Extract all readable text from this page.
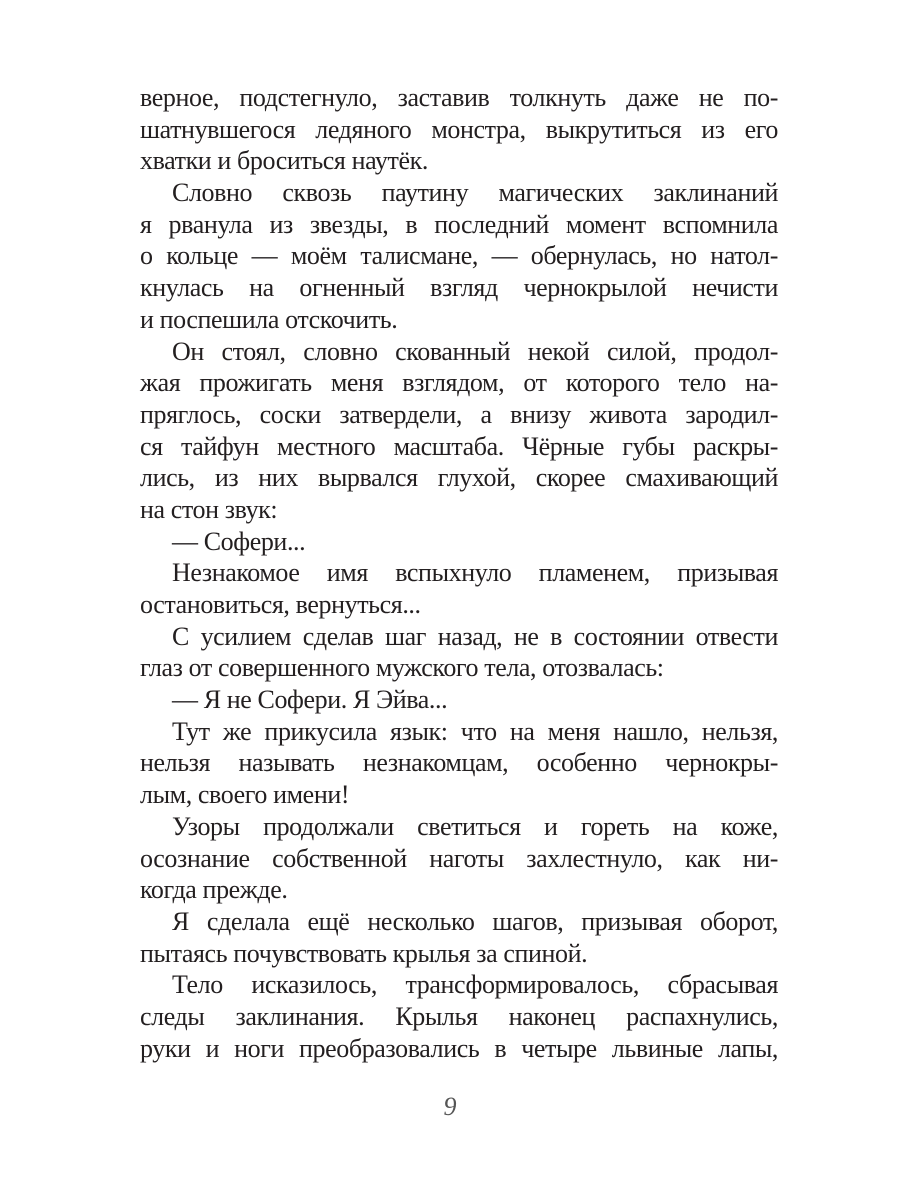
верное, подстегнуло, заставив толкнуть даже не по-
шатнувшегося ледяного монстра, выкрутиться из его
хватки и броситься наутёк.
Словно сквозь паутину магических заклинаний
я рванула из звезды, в последний момент вспомнила
о кольце — моём талисмане, — обернулась, но натол-
кнулась на огненный взгляд чернокрылой нечисти
и поспешила отскочить.
Он стоял, словно скованный некой силой, продол-
жая прожигать меня взглядом, от которого тело на-
пряглось, соски затвердели, а внизу живота зародил-
ся тайфун местного масштаба. Чёрные губы раскры-
лись, из них вырвался глухой, скорее смахивающий
на стон звук:
— Софери...
Незнакомое имя вспыхнуло пламенем, призывая
остановиться, вернуться...
С усилием сделав шаг назад, не в состоянии отвести
глаз от совершенного мужского тела, отозвалась:
— Я не Софери. Я Эйва...
Тут же прикусила язык: что на меня нашло, нельзя,
нельзя называть незнакомцам, особенно чернокры-
лым, своего имени!
Узоры продолжали светиться и гореть на коже,
осознание собственной наготы захлестнуло, как ни-
когда прежде.
Я сделала ещё несколько шагов, призывая оборот,
пытаясь почувствовать крылья за спиной.
Тело исказилось, трансформировалось, сбрасывая
следы заклинания. Крылья наконец распахнулись,
руки и ноги преобразовались в четыре львиные лапы,
9
